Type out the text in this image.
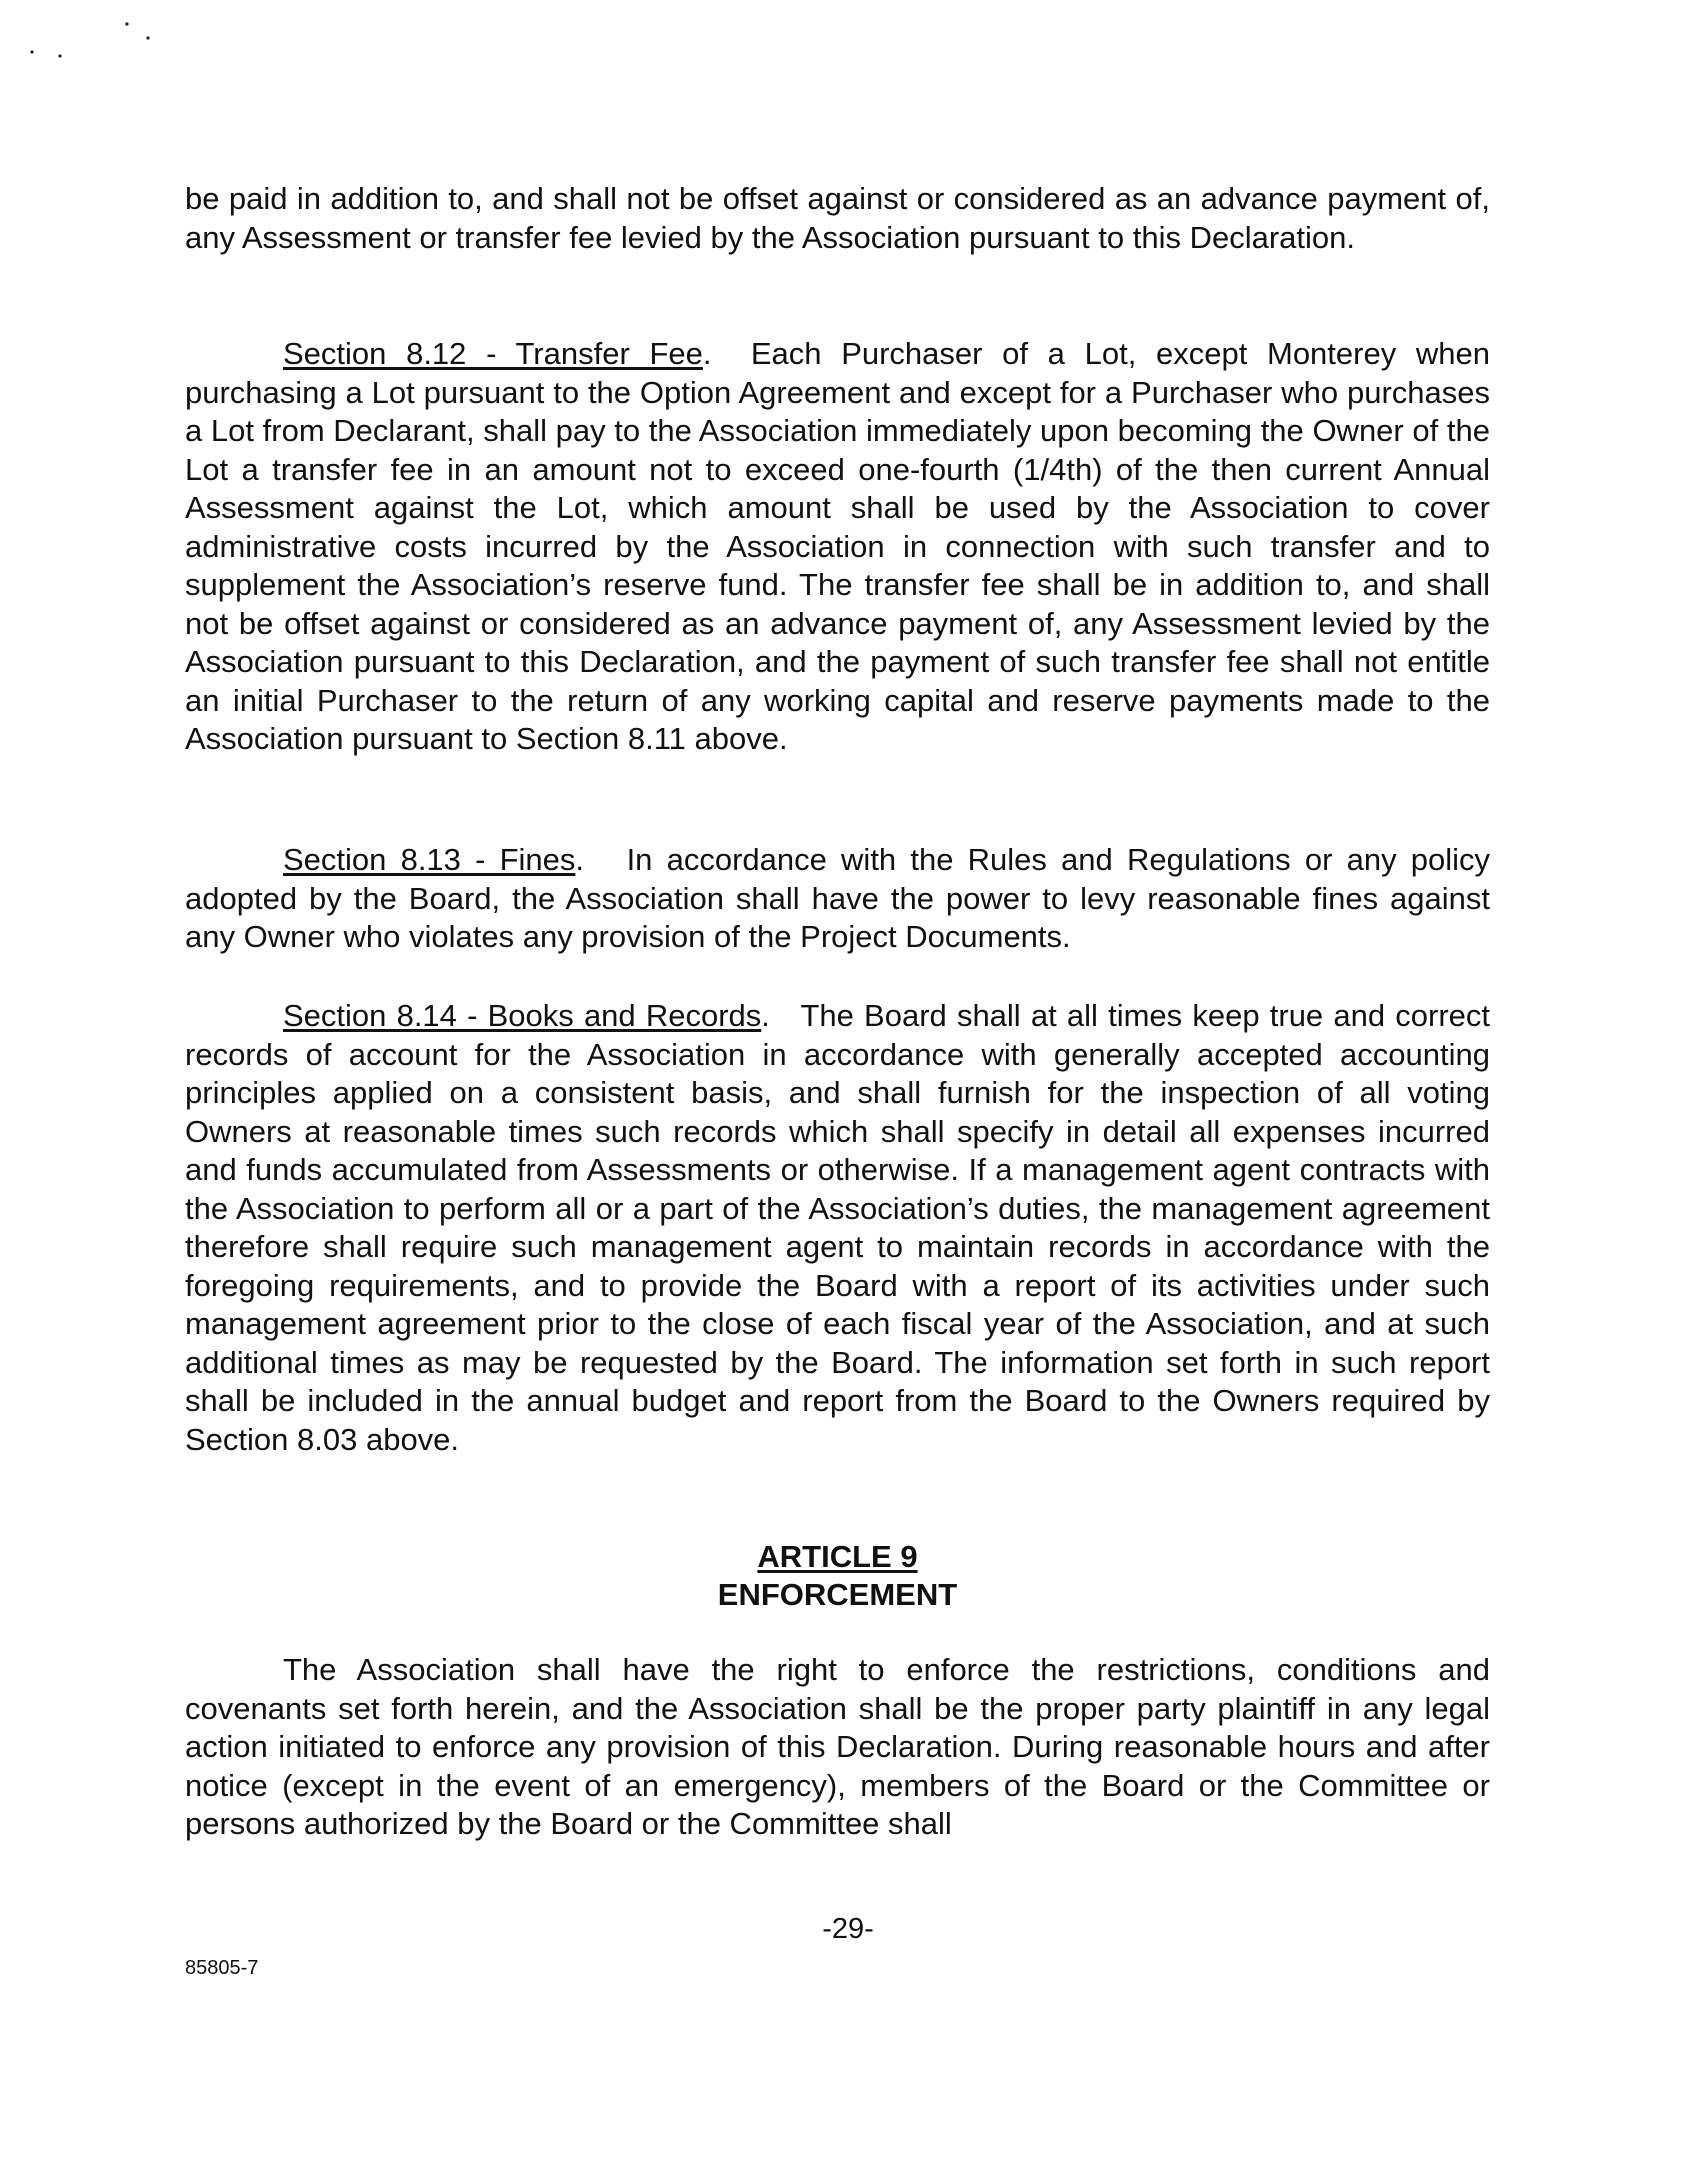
be paid in addition to, and shall not be offset against or considered as an advance payment of, any Assessment or transfer fee levied by the Association pursuant to this Declaration.

Section 8.12 - Transfer Fee.  Each Purchaser of a Lot, except Monterey when purchasing a Lot pursuant to the Option Agreement and except for a Purchaser who purchases a Lot from Declarant, shall pay to the Association immediately upon becoming the Owner of the Lot a transfer fee in an amount not to exceed one-fourth (1/4th) of the then current Annual Assessment against the Lot, which amount shall be used by the Association to cover administrative costs incurred by the Association in connection with such transfer and to supplement the Association’s reserve fund. The transfer fee shall be in addition to, and shall not be offset against or considered as an advance payment of, any Assessment levied by the Association pursuant to this Declaration, and the payment of such transfer fee shall not entitle an initial Purchaser to the return of any working capital and reserve payments made to the Association pursuant to Section 8.11 above.

Section 8.13 - Fines.   In accordance with the Rules and Regulations or any policy adopted by the Board, the Association shall have the power to levy reasonable fines against any Owner who violates any provision of the Project Documents.

Section 8.14 - Books and Records.   The Board shall at all times keep true and correct records of account for the Association in accordance with generally accepted accounting principles applied on a consistent basis, and shall furnish for the inspection of all voting Owners at reasonable times such records which shall specify in detail all expenses incurred and funds accumulated from Assessments or otherwise. If a management agent contracts with the Association to perform all or a part of the Association’s duties, the management agreement therefore shall require such management agent to maintain records in accordance with the foregoing requirements, and to provide the Board with a report of its activities under such management agreement prior to the close of each fiscal year of the Association, and at such additional times as may be requested by the Board. The information set forth in such report shall be included in the annual budget and report from the Board to the Owners required by Section 8.03 above.

ARTICLE 9
ENFORCEMENT

The Association shall have the right to enforce the restrictions, conditions and covenants set forth herein, and the Association shall be the proper party plaintiff in any legal action initiated to enforce any provision of this Declaration. During reasonable hours and after notice (except in the event of an emergency), members of the Board or the Committee or persons authorized by the Board or the Committee shall

-29-

85805-7
